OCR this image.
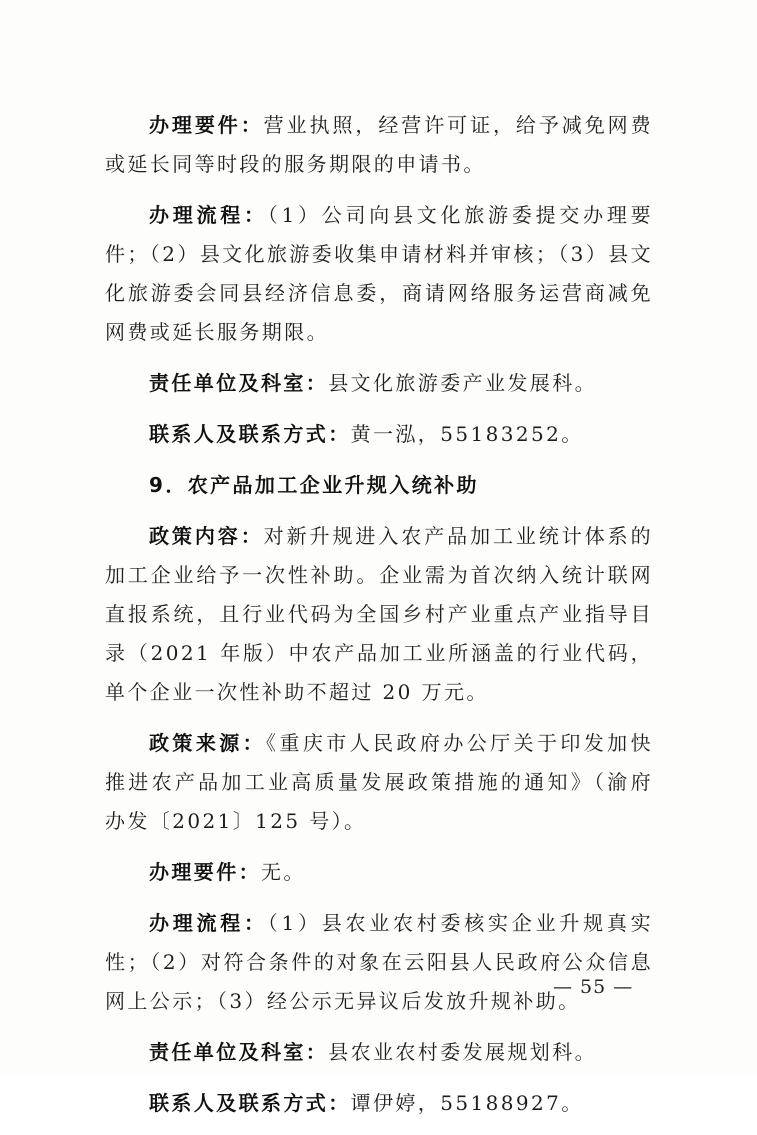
办理要件：营业执照，经营许可证，给予减免网费或延长同等时段的服务期限的申请书。

办理流程：（1）公司向县文化旅游委提交办理要件；（2）县文化旅游委收集申请材料并审核；（3）县文化旅游委会同县经济信息委，商请网络服务运营商减免网费或延长服务期限。

责任单位及科室：县文化旅游委产业发展科。

联系人及联系方式：黄一泓，55183252。

9．农产品加工企业升规入统补助

政策内容：对新升规进入农产品加工业统计体系的加工企业给予一次性补助。企业需为首次纳入统计联网直报系统，且行业代码为全国乡村产业重点产业指导目录（2021 年版）中农产品加工业所涵盖的行业代码，单个企业一次性补助不超过 20 万元。

政策来源：《重庆市人民政府办公厅关于印发加快推进农产品加工业高质量发展政策措施的通知》（渝府办发〔2021〕125 号）。

办理要件：无。

办理流程：（1）县农业农村委核实企业升规真实性；（2）对符合条件的对象在云阳县人民政府公众信息网上公示；（3）经公示无异议后发放升规补助。

责任单位及科室：县农业农村委发展规划科。

联系人及联系方式：谭伊婷，55188927。

— 55 —
